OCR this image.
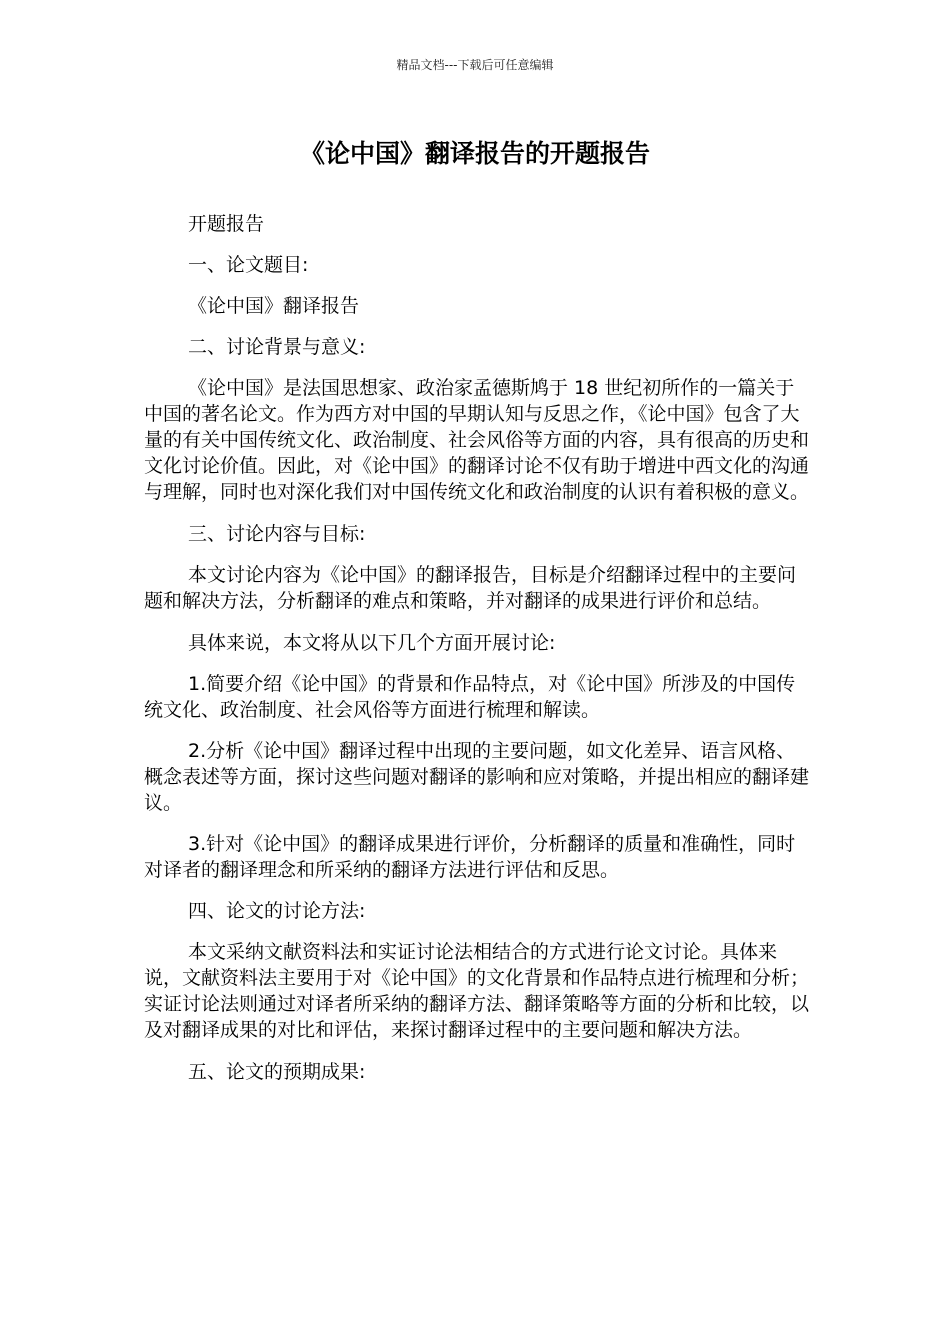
精品文档---下载后可任意编辑
《论中国》翻译报告的开题报告

开题报告

一、论文题目:

《论中国》翻译报告

二、讨论背景与意义:

《论中国》是法国思想家、政治家孟德斯鸠于 18 世纪初所作的一篇关于中国的著名论文。作为西方对中国的早期认知与反思之作，《论中国》包含了大量的有关中国传统文化、政治制度、社会风俗等方面的内容，具有很高的历史和文化讨论价值。因此，对《论中国》的翻译讨论不仅有助于增进中西文化的沟通与理解，同时也对深化我们对中国传统文化和政治制度的认识有着积极的意义。

三、讨论内容与目标:

本文讨论内容为《论中国》的翻译报告，目标是介绍翻译过程中的主要问题和解决方法，分析翻译的难点和策略，并对翻译的成果进行评价和总结。

具体来说，本文将从以下几个方面开展讨论:

1.简要介绍《论中国》的背景和作品特点，对《论中国》所涉及的中国传统文化、政治制度、社会风俗等方面进行梳理和解读。

2.分析《论中国》翻译过程中出现的主要问题，如文化差异、语言风格、概念表述等方面，探讨这些问题对翻译的影响和应对策略，并提出相应的翻译建议。

3.针对《论中国》的翻译成果进行评价，分析翻译的质量和准确性，同时对译者的翻译理念和所采纳的翻译方法进行评估和反思。

四、论文的讨论方法:

本文采纳文献资料法和实证讨论法相结合的方式进行论文讨论。具体来说，文献资料法主要用于对《论中国》的文化背景和作品特点进行梳理和分析；实证讨论法则通过对译者所采纳的翻译方法、翻译策略等方面的分析和比较，以及对翻译成果的对比和评估，来探讨翻译过程中的主要问题和解决方法。

五、论文的预期成果:
